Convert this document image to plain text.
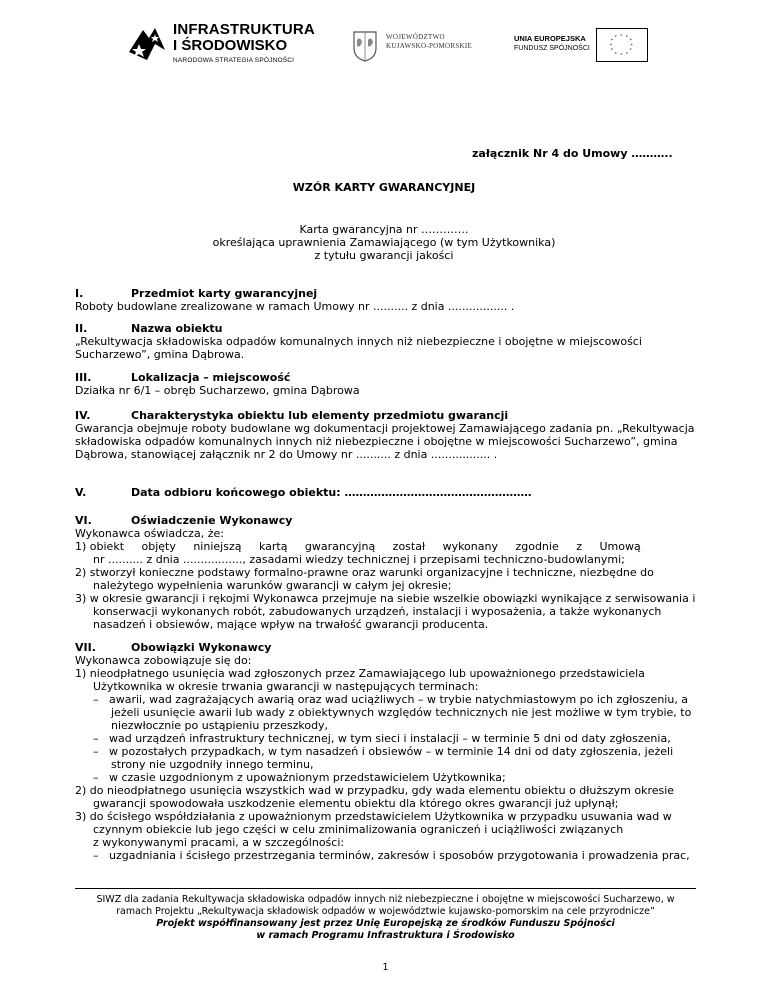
INFRASTRUKTURA
I ŚRODOWISKO
NARODOWA STRATEGIA SPÓJNOŚCI
WOJEWÓDZTWO
KUJAWSKO-POMORSKIE
UNIA EUROPEJSKA
FUNDUSZ SPÓJNOŚCI
* *
*
*
*
*
*
*
*
*
*
*
załącznik Nr 4 do Umowy ………..
WZÓR KARTY GWARANCYJNEJ
Karta gwarancyjna nr ………….
określająca uprawnienia Zamawiającego (w tym Użytkownika)
z tytułu gwarancji jakości
I.	Przedmiot karty gwarancyjnej
Roboty budowlane zrealizowane w ramach Umowy nr .......... z dnia ................. .
II.	Nazwa obiektu
„Rekultywacja składowiska odpadów komunalnych innych niż niebezpieczne i obojętne w miejscowości
Sucharzewo”, gmina Dąbrowa.
III.	Lokalizacja – miejscowość
Działka nr 6/1 – obręb Sucharzewo, gmina Dąbrowa
IV.	Charakterystyka obiektu lub elementy przedmiotu gwarancji
Gwarancja obejmuje roboty budowlane wg dokumentacji projektowej Zamawiającego zadania pn. „Rekultywacja
składowiska odpadów komunalnych innych niż niebezpieczne i obojętne w miejscowości Sucharzewo”, gmina
Dąbrowa, stanowiącej załącznik nr 2 do Umowy nr .......... z dnia ................. .
V.	Data odbioru końcowego obiektu: ……………………………………………
VI.	Oświadczenie Wykonawcy
Wykonawca oświadcza, że:
1) obiekt     objęty     niniejszą     kartą     gwarancyjną     został     wykonany     zgodnie     z     Umową
nr .......... z dnia ................., zasadami wiedzy technicznej i przepisami techniczno-budowlanymi;
2) stworzył konieczne podstawy formalno-prawne oraz warunki organizacyjne i techniczne, niezbędne do
należytego wypełnienia warunków gwarancji w całym jej okresie;
3) w okresie gwarancji i rękojmi Wykonawca przejmuje na siebie wszelkie obowiązki wynikające z serwisowania i
konserwacji wykonanych robót, zabudowanych urządzeń, instalacji i wyposażenia, a także wykonanych
nasadzeń i obsiewów, mające wpływ na trwałość gwarancji producenta.
VII.	Obowiązki Wykonawcy
Wykonawca zobowiązuje się do:
1) nieodpłatnego usunięcia wad zgłoszonych przez Zamawiającego lub upoważnionego przedstawiciela
Użytkownika w okresie trwania gwarancji w następujących terminach:
–   awarii, wad zagrażających awarią oraz wad uciążliwych – w trybie natychmiastowym po ich zgłoszeniu, a
jeżeli usunięcie awarii lub wady z obiektywnych względów technicznych nie jest możliwe w tym trybie, to
niezwłocznie po ustąpieniu przeszkody,
–   wad urządzeń infrastruktury technicznej, w tym sieci i instalacji – w terminie 5 dni od daty zgłoszenia,
–   w pozostałych przypadkach, w tym nasadzeń i obsiewów – w terminie 14 dni od daty zgłoszenia, jeżeli
strony nie uzgodniły innego terminu,
–   w czasie uzgodnionym z upoważnionym przedstawicielem Użytkownika;
2) do nieodpłatnego usunięcia wszystkich wad w przypadku, gdy wada elementu obiektu o dłuższym okresie
gwarancji spowodowała uszkodzenie elementu obiektu dla którego okres gwarancji już upłynął;
3) do ścisłego współdziałania z upoważnionym przedstawicielem Użytkownika w przypadku usuwania wad w
czynnym obiekcie lub jego części w celu zminimalizowania ograniczeń i uciążliwości związanych
z wykonywanymi pracami, a w szczególności:
–   uzgadniania i ścisłego przestrzegania terminów, zakresów i sposobów przygotowania i prowadzenia prac,
SIWZ dla zadania Rekultywacja składowiska odpadów innych niż niebezpieczne i obojętne w miejscowości Sucharzewo, w
ramach Projektu „Rekultywacja składowisk odpadów w województwie kujawsko-pomorskim na cele przyrodnicze”
Projekt współfinansowany jest przez Unię Europejską ze środków Funduszu Spójności
w ramach Programu Infrastruktura i Środowisko
1
